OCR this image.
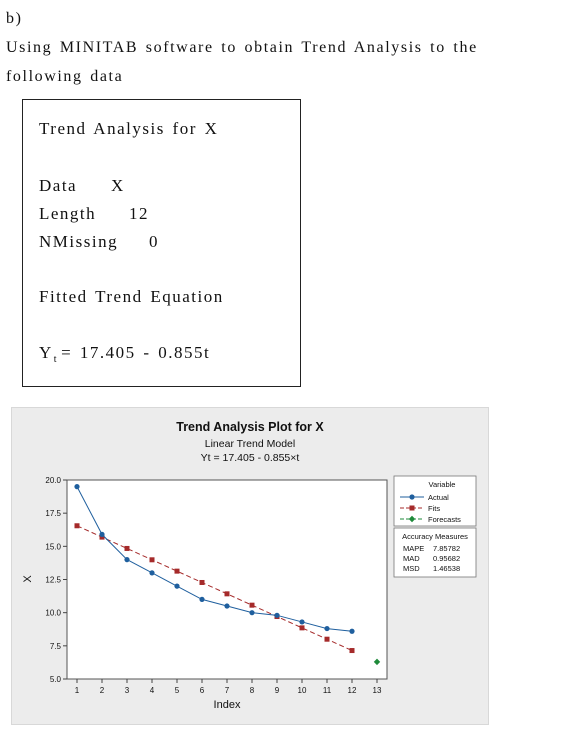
b)
Using MINITAB software to obtain Trend Analysis to the
following data
Trend Analysis for X
Data X
Length 12
NMissing 0
Fitted Trend Equation
$Y_t = 17.405 - 0.855t$
Trend Analysis Plot for X
Linear Trend Model
Yt = 17.405 - 0.855×t
5.0
7.5
10.0
12.5
15.0
17.5
20.0
1	2	3	4	5	6	7	8	9 10 11 12 13
X
Index
Variable
Actual
Fits
Forecasts
Accuracy Measures
MAPE 7.85782
MAD 0.95682
MSD 1.46538
